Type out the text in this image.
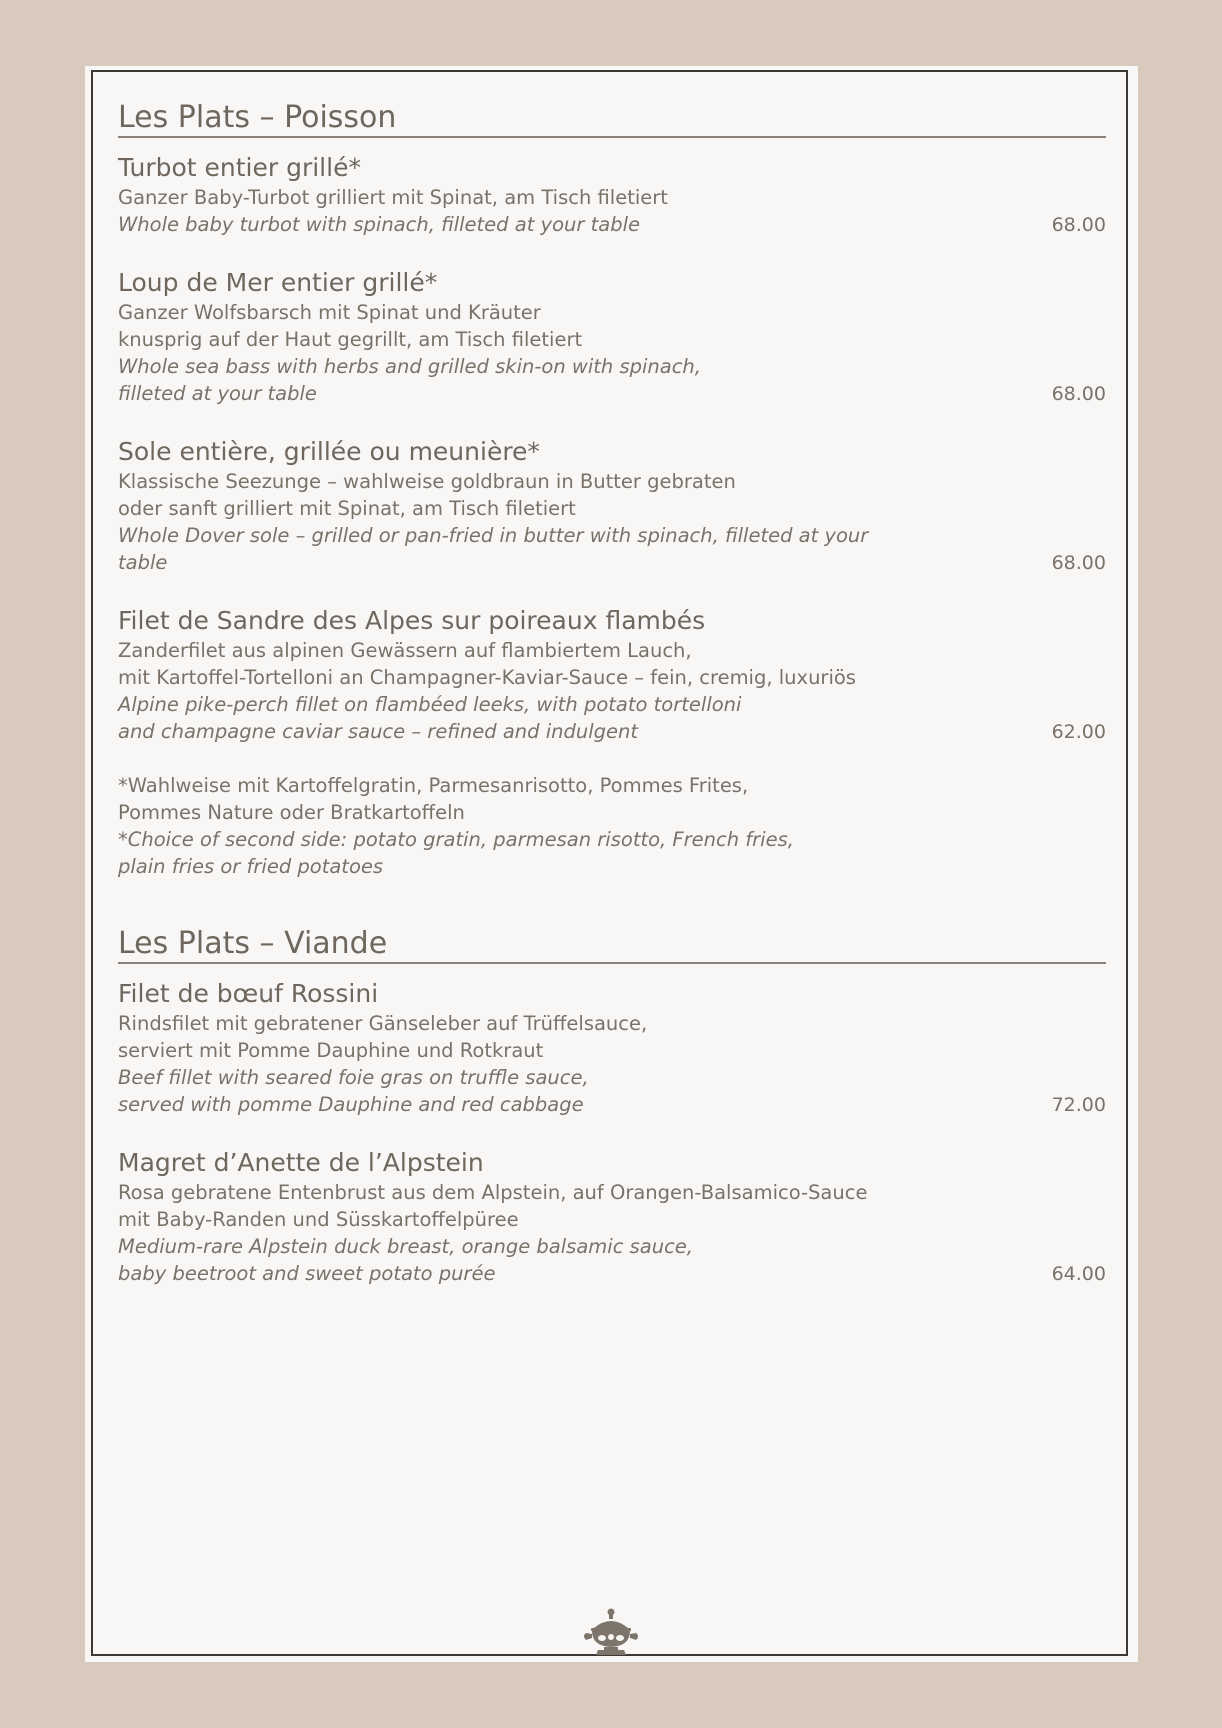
Les Plats – Poisson
Turbot entier grillé*

Ganzer Baby-Turbot grilliert mit Spinat, am Tisch filetiert

Whole baby turbot with spinach, filleted at your table	68.00
Loup de Mer entier grillé*

Ganzer Wolfsbarsch mit Spinat und Kräuter

knusprig auf der Haut gegrillt, am Tisch filetiert

Whole sea bass with herbs and grilled skin-on with spinach,

filleted at your table	68.00
Sole entière, grillée ou meunière*

Klassische Seezunge – wahlweise goldbraun in Butter gebraten

oder sanft grilliert mit Spinat, am Tisch filetiert

Whole Dover sole – grilled or pan-fried in butter with spinach, filleted at your

table	68.00
Filet de Sandre des Alpes sur poireaux flambés

Zanderfilet aus alpinen Gewässern auf flambiertem Lauch,

mit Kartoffel-Tortelloni an Champagner-Kaviar-Sauce – fein, cremig, luxuriös

Alpine pike-perch fillet on flambéed leeks, with potato tortelloni

and champagne caviar sauce – refined and indulgent	62.00

*Wahlweise mit Kartoffelgratin, Parmesanrisotto, Pommes Frites,

Pommes Nature oder Bratkartoffeln

*Choice of second side: potato gratin, parmesan risotto, French fries,

plain fries or fried potatoes

Les Plats – Viande
Filet de bœuf Rossini

Rindsfilet mit gebratener Gänseleber auf Trüffelsauce,

serviert mit Pomme Dauphine und Rotkraut

Beef fillet with seared foie gras on truffle sauce,

served with pomme Dauphine and red cabbage	72.00
Magret d’Anette de l’Alpstein

Rosa gebratene Entenbrust aus dem Alpstein, auf Orangen-Balsamico-Sauce

mit Baby-Randen und Süsskartoffelpüree

Medium-rare Alpstein duck breast, orange balsamic sauce,

baby beetroot and sweet potato purée	64.00
